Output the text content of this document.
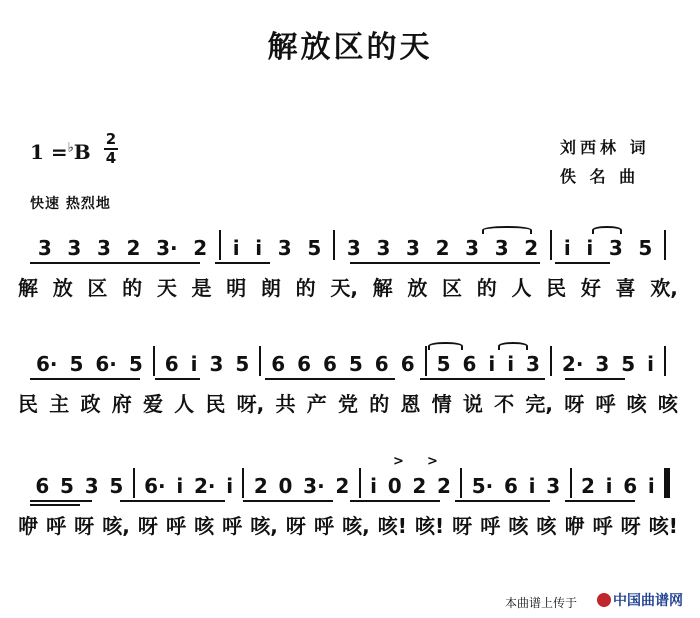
解放区的天
1 =♭B
2
4
刘西林 词
佚 名 曲
快速 热烈地
3 3 3 2 3· 2	i i 3 5	3 3 3 2 3 3 2	i i 3 5
解 放 区 的 天 是 明 朗 的 天, 解 放 区 的 人 民 好 喜 欢,
6· 5 6· 5 6 i 3 5 6 6 6 5 6 6 5 6 i i 3 2· 3 5 i
民 主 政 府 爱 人 民 呀, 共 产 党 的 恩 情 说 不 完, 呀 呼 咳 咳
> >
6 5 3 5 6· i 2· i 2 0 3· 2 i 0 2 2 5· 6 i 3 2 i 6 i
咿 呼 呀 咳, 呀 呼 咳 呼 咳, 呀 呼 咳, 咳! 咳! 呀 呼 咳 咳 咿 呼 呀 咳!
本曲谱上传于	中国曲谱网
